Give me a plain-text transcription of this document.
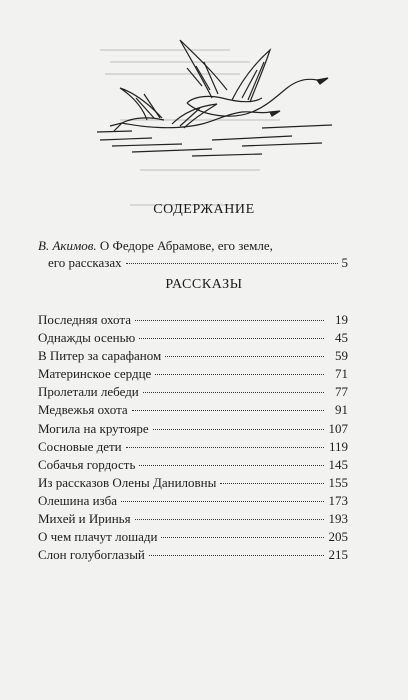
СОДЕРЖАНИЕ
В. Акимов. О Федоре Абрамове, его земле,
его рассказах	5
РАССКАЗЫ
Последняя охота	19
Однажды осенью	45
В Питер за сарафаном	59
Материнское сердце	71
Пролетали лебеди	77
Медвежья охота	91
Могила на крутояре	107
Сосновые дети	119
Собачья гордость	145
Из рассказов Олены Даниловны	155
Олешина изба	173
Михей и Иринья	193
О чем плачут лошади	205
Слон голубоглазый	215
